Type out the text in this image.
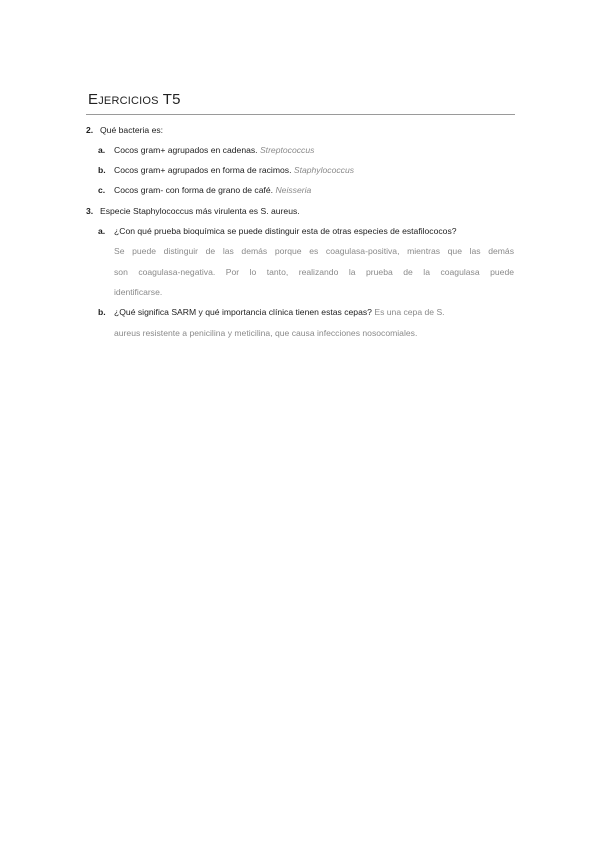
Ejercicios T5
2. Qué bacteria es:
a. Cocos gram+ agrupados en cadenas. Streptococcus
b. Cocos gram+ agrupados en forma de racimos. Staphylococcus
c. Cocos gram- con forma de grano de café. Neisseria
3. Especie Staphylococcus más virulenta es S. aureus.
a. ¿Con qué prueba bioquímica se puede distinguir esta de otras especies de estafilococos?
Se puede distinguir de las demás porque es coagulasa-positiva, mientras que las demás
son coagulasa-negativa. Por lo tanto, realizando la prueba de la coagulasa puede
identificarse.
b. ¿Qué significa SARM y qué importancia clínica tienen estas cepas? Es una cepa de S.
aureus resistente a penicilina y meticilina, que causa infecciones nosocomiales.
